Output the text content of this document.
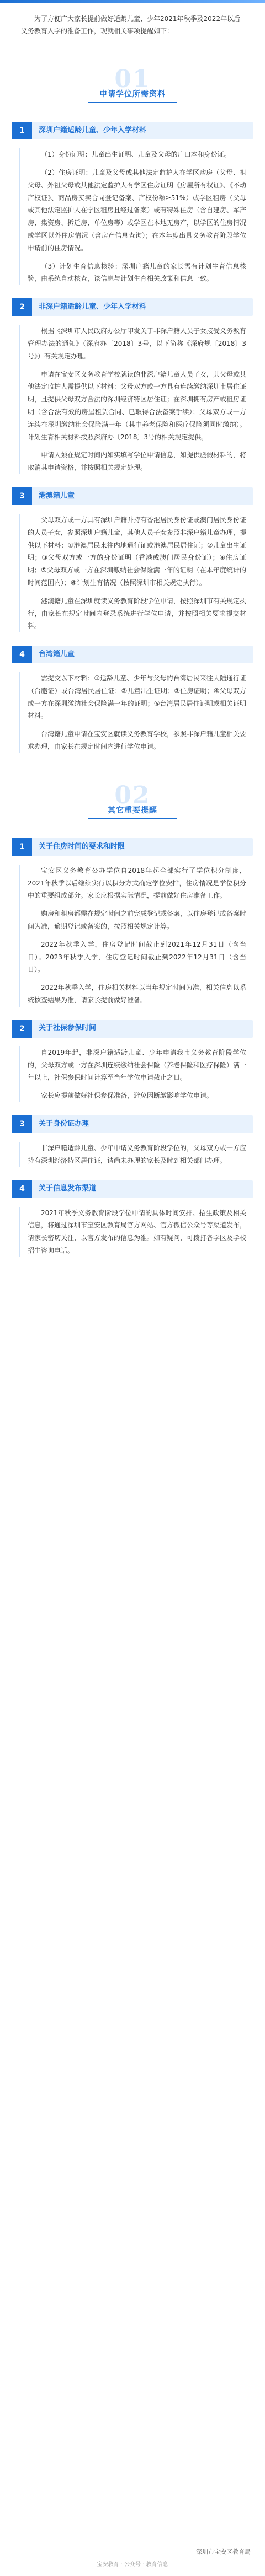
为了方便广大家长提前做好适龄儿童、少年2021年秋季及2022年以后义务教育入学的准备工作，现就相关事项提醒如下：

01
申请学位所需资料
1	深圳户籍适龄儿童、少年入学材料

（1）身份证明：儿童出生证明、儿童及父母的户口本和身份证。

（2）住房证明：儿童及父母或其他法定监护人在学区购房（父母、祖父母、外祖父母或其他法定监护人有学区住房证明《房屋所有权证》、《不动产权证》、商品房买卖合同登记备案、产权份额≥51%）或学区租房（父母或其他法定监护人在学区租房且经过备案）或有特殊住房（含自建房、军产房、集资房、拆迁房、单位房等）或学区在本地无房产，以学区的住房情况或学区以外住房情况（含房产信息查询）；在本年度出具义务教育阶段学位申请前的住房情况。

（3）计划生育信息核验：深圳户籍儿童的家长需有计划生育信息核验，由系统自动核查，该信息与计划生育相关政策和信息一致。

2	非深户籍适龄儿童、少年入学材料

根据《深圳市人民政府办公厅印发关于非深户籍人员子女接受义务教育管理办法的通知》（深府办〔2018〕3号，以下简称《深府规〔2018〕3号》）有关规定办理。

申请在宝安区义务教育学校就读的非深户籍儿童人员子女，其父母或其他法定监护人需提供以下材料：父母双方或一方具有连续缴纳深圳市居住证明，且提供父母双方合法的深圳经济特区居住证；在深圳拥有房产或租房证明（含合法有效的房屋租赁合同、已取得合法备案手续）；父母双方或一方连续在深圳缴纳社会保险满一年（其中养老保险和医疗保险须同时缴纳）。计划生育相关材料按照深府办〔2018〕3号的相关规定提供。

申请人须在规定时间内如实填写学位申请信息，如提供虚假材料的，将取消其申请资格，并按照相关规定处理。

3	港澳籍儿童

父母双方或一方具有深圳户籍并持有香港居民身份证或澳门居民身份证的人员子女，参照深圳户籍儿童，其他人员子女参照非深户籍儿童办理，提供以下材料：①港澳居民来往内地通行证或港澳居民居住证；②儿童出生证明；③父母双方或一方的身份证明（香港或澳门居民身份证）；④住房证明；⑤父母双方或一方在深圳缴纳社会保险满一年的证明（在本年度统计的时间范围内）；⑥计划生育情况（按照深圳市相关规定执行）。

港澳籍儿童在深圳就读义务教育阶段学位申请，按照深圳市有关规定执行，由家长在规定时间内登录系统进行学位申请，并按照相关要求提交材料。

4	台湾籍儿童

需提交以下材料：①适龄儿童、少年与父母的台湾居民来往大陆通行证（台胞证）或台湾居民居住证；②儿童出生证明；③住房证明；④父母双方或一方在深圳缴纳社会保险满一年的证明；⑤台湾居民居住证明或相关证明材料。

台湾籍儿童申请在宝安区就读义务教育学校，参照非深户籍儿童相关要求办理，由家长在规定时间内进行学位申请。

02
其它重要提醒
1	关于住房时间的要求和时限

宝安区义务教育公办学位自2018年起全部实行了学位积分制度，2021年秋季以后继续实行以积分方式确定学位安排，住房情况是学位积分中的重要组成部分。家长应根据实际情况，提前做好住房准备工作。

购房和租房都需在规定时间之前完成登记或备案，以住房登记或备案时间为准，逾期登记或备案的，按照相关规定计算。

2022年秋季入学，住房登记时间截止到2021年12月31日（含当日）。2023年秋季入学，住房登记时间截止到2022年12月31日（含当日）。

2022年秋季入学，住房相关材料以当年规定时间为准，相关信息以系统核查结果为准，请家长提前做好准备。

2	关于社保参保时间

自2019年起，非深户籍适龄儿童、少年申请我市义务教育阶段学位的，父母双方或一方在深圳连续缴纳社会保险（养老保险和医疗保险）满一年以上，社保参保时间计算至当年学位申请截止之日。

家长应提前做好社保参保准备，避免因断缴影响学位申请。

3	关于身份证办理

非深户籍适龄儿童、少年申请义务教育阶段学位的，父母双方或一方应持有深圳经济特区居住证，请尚未办理的家长及时到相关部门办理。

4	关于信息发布渠道

2021年秋季义务教育阶段学位申请的具体时间安排、招生政策及相关信息，将通过深圳市宝安区教育局官方网站、官方微信公众号等渠道发布，请家长密切关注，以官方发布的信息为准。如有疑问，可拨打各学区及学校招生咨询电话。

深圳市宝安区教育局
宝安教育 · 公众号 · 教育信息
